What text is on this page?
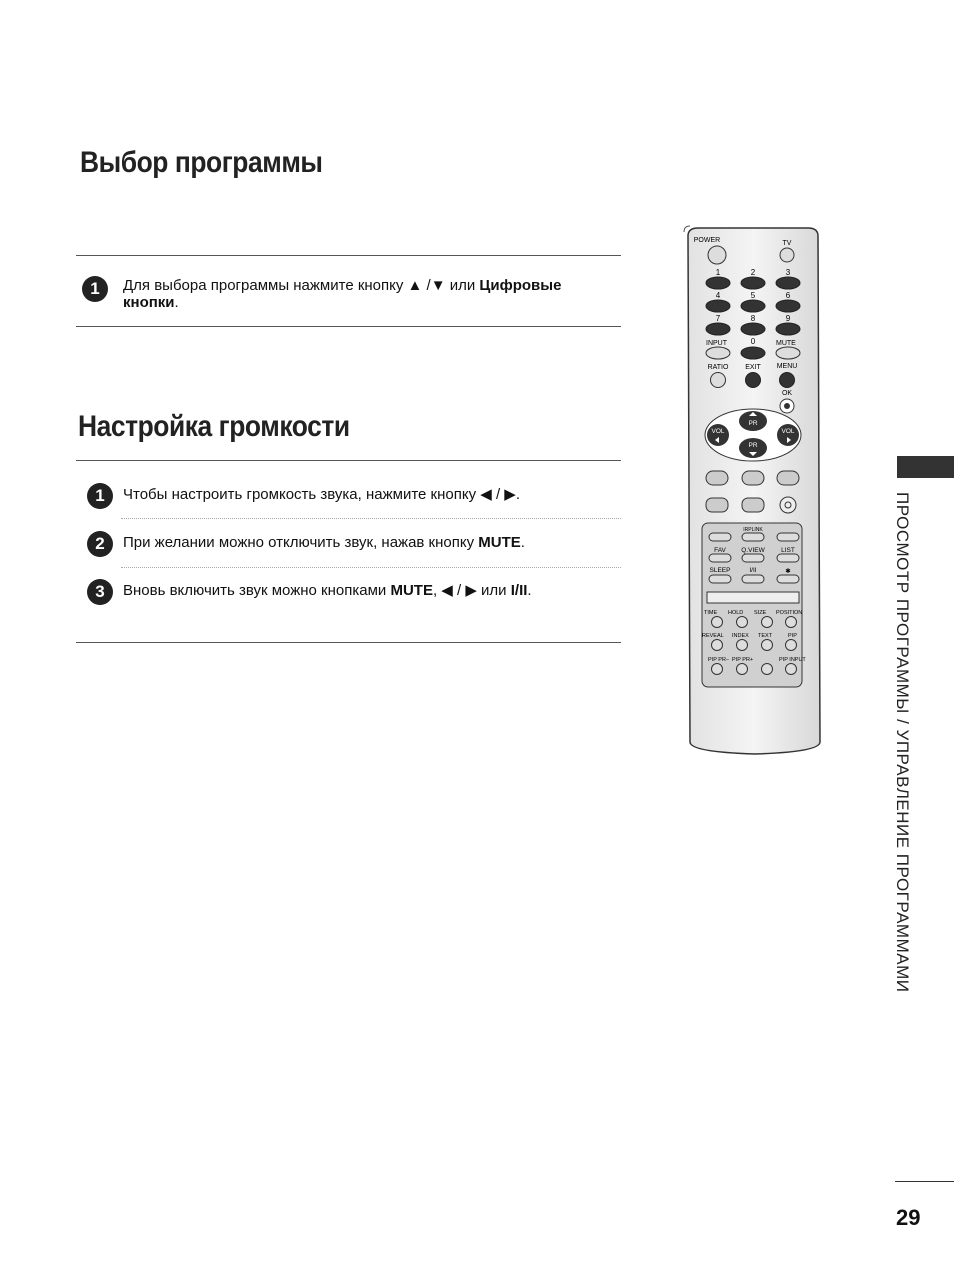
Выбор программы
1	Для выбора программы нажмите кнопку ▲ /▼ или Цифровые
кнопки.
Настройка громкости
1	Чтобы настроить громкость звука, нажмите кнопку ◀ / ▶.
2	При желании можно отключить звук, нажав кнопку MUTE.
3	Вновь включить звук можно кнопками MUTE, ◀ / ▶ или I/II.
POWER	TV
1	2	3
4	5	6
7	8	9
0
INPUT	MUTE
RATIO EXIT MENU
OK
VOL	VOL
PR
PR
IRPLINK
FAV Q.VIEW	LIST
SLEEP	I/II	✱
TIME HOLD SIZE POSITION
REVEAL INDEX TEXT	PIP
PIP PR− PIP PR+	PIP INPUT	ПРОСМОТР ПРОГРАММЫ / УПРАВЛЕНИЕ ПРОГРАММАМИ
29
